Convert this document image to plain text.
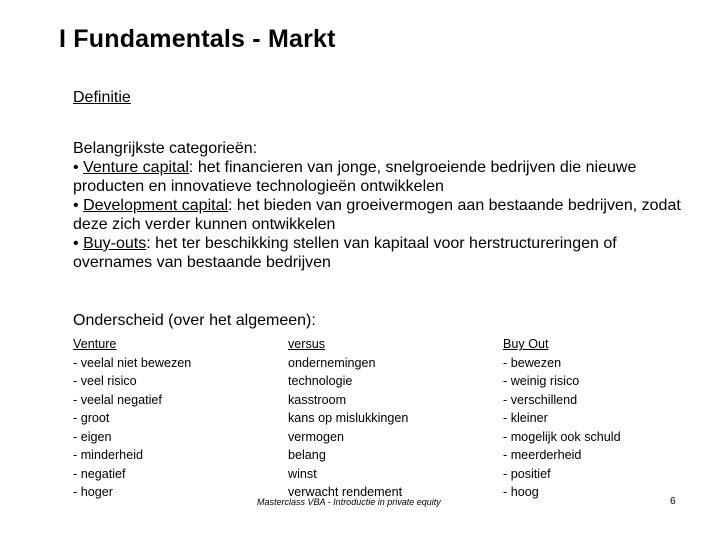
I Fundamentals - Markt
Definitie

Belangrijkste categorieën:

• Venture capital: het financieren van jonge, snelgroeiende bedrijven die nieuwe producten en innovatieve technologieën ontwikkelen

• Development capital: het bieden van groeivermogen aan bestaande bedrijven, zodat deze zich verder kunnen ontwikkelen

• Buy-outs: het ter beschikking stellen van kapitaal voor herstructureringen of overnames van bestaande bedrijven

Onderscheid (over het algemeen):
Venture
- veelal niet bewezen
- veel risico
- veelal negatief
- groot
- eigen
- minderheid
- negatief
- hoger
versus
ondernemingen
technologie
kasstroom
kans op mislukkingen
vermogen
belang
winst
verwacht rendement
Buy Out
- bewezen
- weinig risico
- verschillend
- kleiner
- mogelijk ook schuld
- meerderheid
- positief
- hoog
Masterclass VBA - Introductie in private equity	6
